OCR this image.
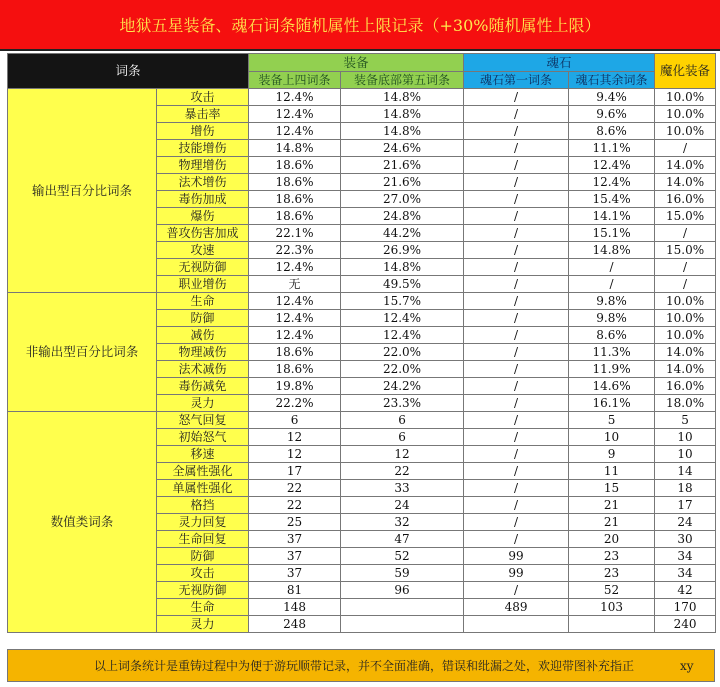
地狱五星装备、魂石词条随机属性上限记录（+30%随机属性上限）
词条		装备		魂石		魔化装备
		装备上四词条	装备底部第五词条	魂石第一词条	魂石其余词条	
输出型百分比词条	攻击	12.4%	14.8%	/	9.4%	10.0%
	暴击率	12.4%	14.8%	/	9.6%	10.0%
	增伤	12.4%	14.8%	/	8.6%	10.0%
	技能增伤	14.8%	24.6%	/	11.1%	/
	物理增伤	18.6%	21.6%	/	12.4%	14.0%
	法术增伤	18.6%	21.6%	/	12.4%	14.0%
	毒伤加成	18.6%	27.0%	/	15.4%	16.0%
	爆伤	18.6%	24.8%	/	14.1%	15.0%
	普攻伤害加成	22.1%	44.2%	/	15.1%	/
	攻速	22.3%	26.9%	/	14.8%	15.0%
	无视防御	12.4%	14.8%	/	/	/
	职业增伤	无	49.5%	/	/	/
非输出型百分比词条	生命	12.4%	15.7%	/	9.8%	10.0%
	防御	12.4%	12.4%	/	9.8%	10.0%
	减伤	12.4%	12.4%	/	8.6%	10.0%
	物理减伤	18.6%	22.0%	/	11.3%	14.0%
	法术减伤	18.6%	22.0%	/	11.9%	14.0%
	毒伤减免	19.8%	24.2%	/	14.6%	16.0%
	灵力	22.2%	23.3%	/	16.1%	18.0%
数值类词条	怒气回复	6	6	/	5	5
	初始怒气	12	6	/	10	10
	移速	12	12	/	9	10
	全属性强化	17	22	/	11	14
	单属性强化	22	33	/	15	18
	格挡	22	24	/	21	17
	灵力回复	25	32	/	21	24
	生命回复	37	47	/	20	30
	防御	37	52	99	23	34
	攻击	37	59	99	23	34
	无视防御	81	96	/	52	42
	生命	148		489	103	170
	灵力	248				240
以上词条统计是重铸过程中为便于游玩顺带记录，并不全面准确，错误和纰漏之处，欢迎带图补充指正	xy
